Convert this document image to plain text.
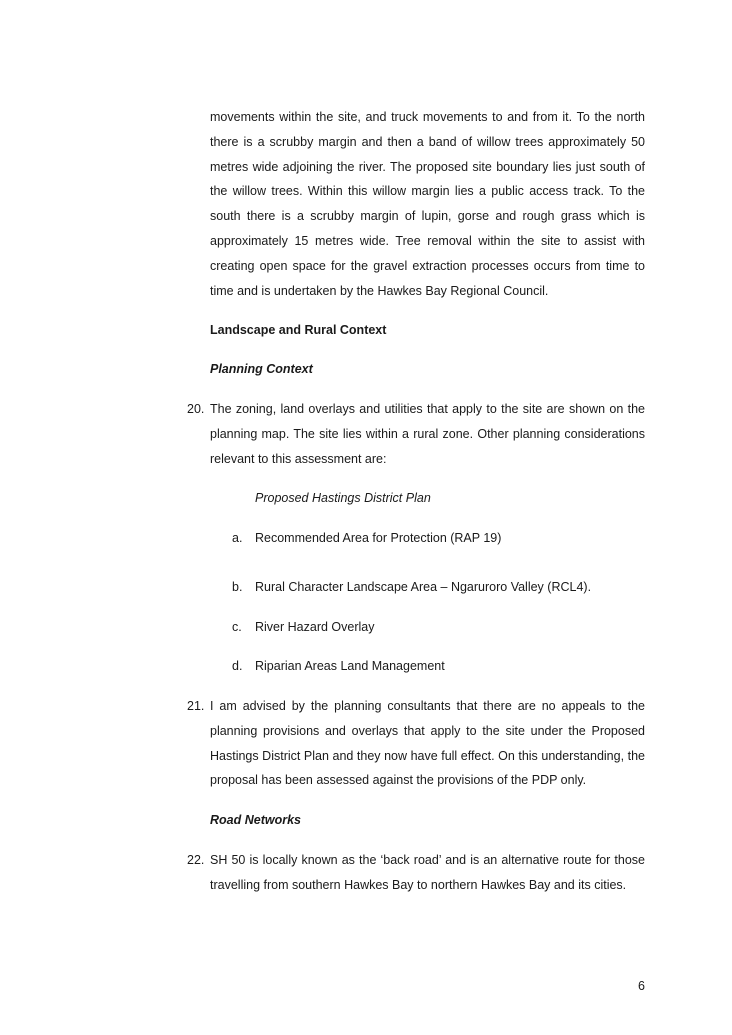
movements within the site, and truck movements to and from it. To the north there is a scrubby margin and then a band of willow trees approximately 50 metres wide adjoining the river. The proposed site boundary lies just south of the willow trees. Within this willow margin lies a public access track. To the south there is a scrubby margin of lupin, gorse and rough grass which is approximately 15 metres wide. Tree removal within the site to assist with creating open space for the gravel extraction processes occurs from time to time and is undertaken by the Hawkes Bay Regional Council.

Landscape and Rural Context
Planning Context
20. The zoning, land overlays and utilities that apply to the site are shown on the planning map. The site lies within a rural zone. Other planning considerations relevant to this assessment are:

Proposed Hastings District Plan
a. Recommended Area for Protection (RAP 19)
b. Rural Character Landscape Area – Ngaruroro Valley (RCL4).
c. River Hazard Overlay
d. Riparian Areas Land Management
21. I am advised by the planning consultants that there are no appeals to the planning provisions and overlays that apply to the site under the Proposed Hastings District Plan and they now have full effect. On this understanding, the proposal has been assessed against the provisions of the PDP only.

Road Networks
22. SH 50 is locally known as the ‘back road’ and is an alternative route for those travelling from southern Hawkes Bay to northern Hawkes Bay and its cities.

6
